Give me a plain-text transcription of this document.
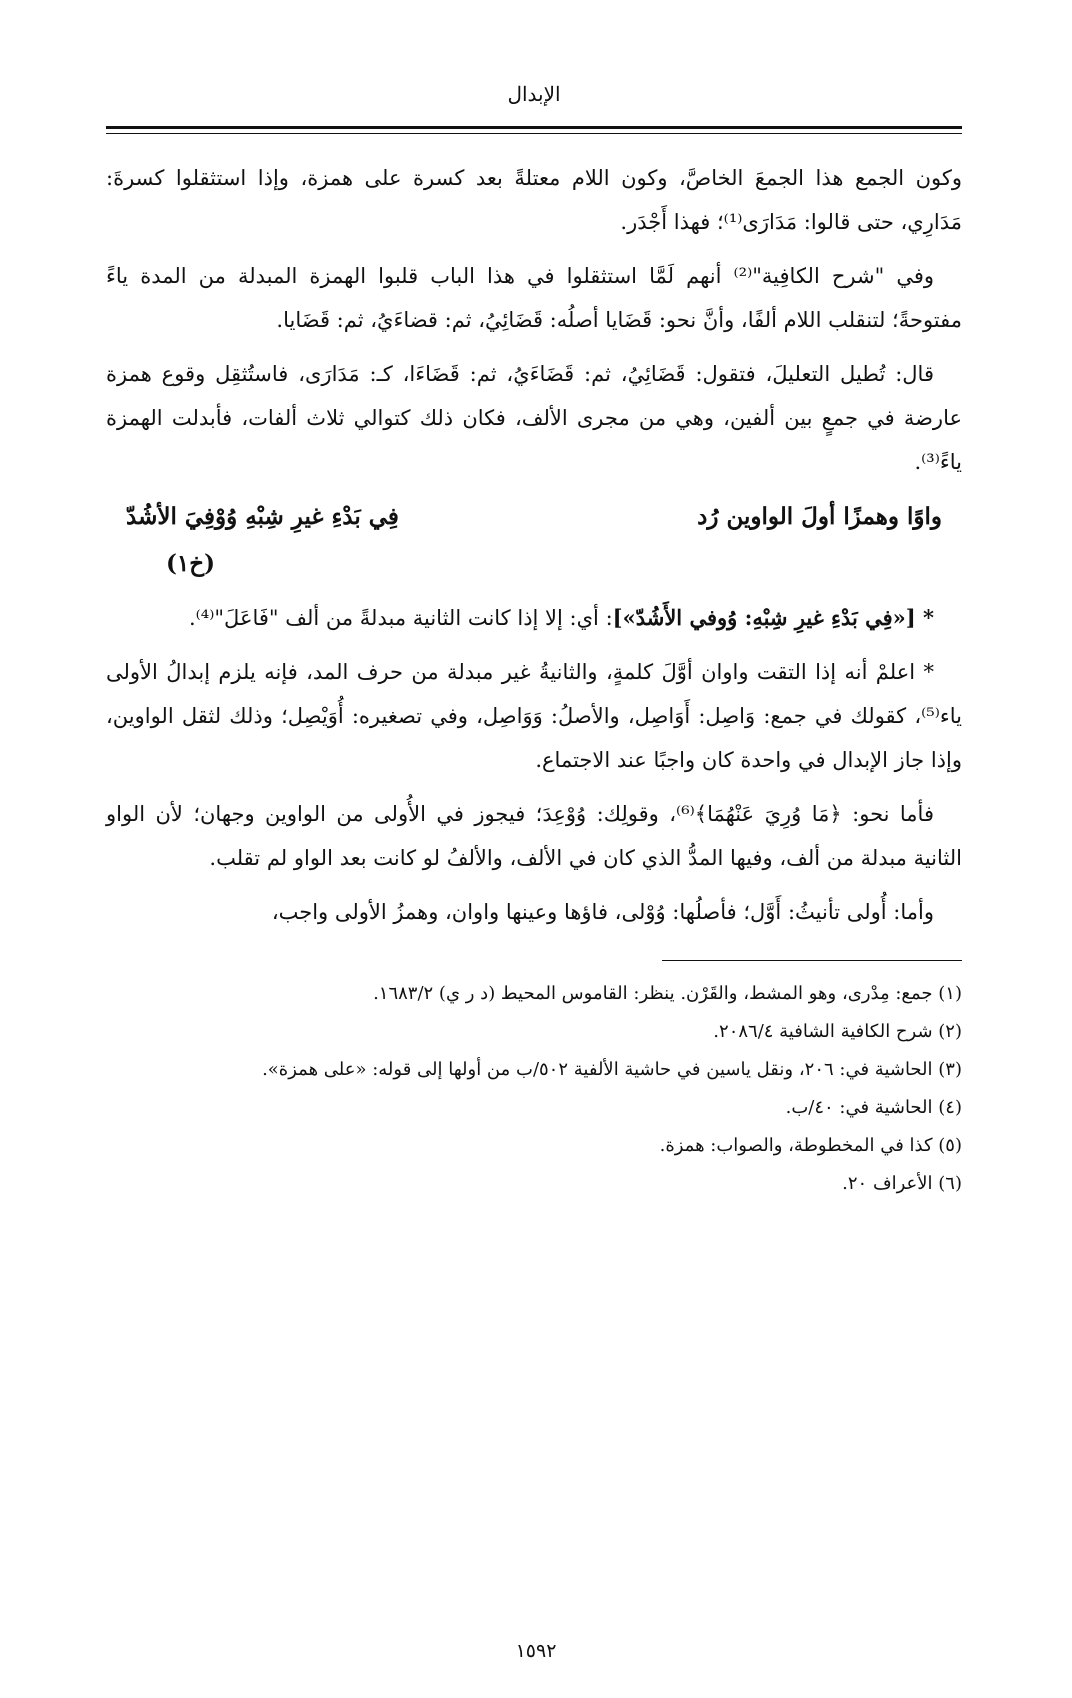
الإبدال

وكون الجمع هذا الجمعَ الخاصَّ، وكون اللام معتلةً بعد كسرة على همزة، وإذا استثقلوا كسرةَ: مَدَارِي، حتى قالوا: مَدَارَى⁽¹⁾؛ فهذا أَجْدَر.

وفي "شرح الكافِية"⁽²⁾ أنهم لَمَّا استثقلوا في هذا الباب قلبوا الهمزة المبدلة من المدة ياءً مفتوحةً؛ لتنقلب اللام ألفًا، وأنَّ نحو: قَضَايا أصلُه: قَضَائِيُ، ثم: قضاءَيُ، ثم: قَضَايا.

قال: تُطيل التعليلَ، فتقول: قَضَائِيُ، ثم: قَضَاءَيُ، ثم: قَضَاءَا، كـ: مَدَارَى، فاستُثقِل وقوع همزة عارضة في جمعٍ بين ألفين، وهي من مجرى الألف، فكان ذلك كتوالي ثلاث ألفات، فأبدلت الهمزة ياءً⁽³⁾.

واوًا وهمزًا أولَ الواوين رُد
فِي بَدْءِ غيرِ شِبْهِ وُوْفِيَ الأشُدّ
(خ١)

* [«فِي بَدْءِ غيرِ شِبْهِ: وُوفي الأَشُدّ»]: أي: إلا إذا كانت الثانية مبدلةً من ألف "فَاعَلَ"⁽⁴⁾.

* اعلمْ أنه إذا التقت واوان أوَّلَ كلمةٍ، والثانيةُ غير مبدلة من حرف المد، فإنه يلزم إبدالُ الأولى ياء⁽⁵⁾، كقولك في جمع: وَاصِل: أَوَاصِل، والأصلُ: وَوَاصِل، وفي تصغيره: أُوَيْصِل؛ وذلك لثقل الواوين، وإذا جاز الإبدال في واحدة كان واجبًا عند الاجتماع.

فأما نحو: ﴿مَا وُرِيَ عَنْهُمَا﴾⁽⁶⁾، وقولِك: وُوْعِدَ؛ فيجوز في الأُولى من الواوين وجهان؛ لأن الواو الثانية مبدلة من ألف، وفيها المدُّ الذي كان في الألف، والألفُ لو كانت بعد الواو لم تقلب.

وأما: أُولى تأنيثُ: أَوَّل؛ فأصلُها: وُوْلى، فاؤها وعينها واوان، وهمزُ الأولى واجب،

(١) جمع: مِدْرى، وهو المشط، والقَرْن. ينظر: القاموس المحيط (د ر ي) ١٦٨٣/٢.
(٢) شرح الكافية الشافية ٢٠٨٦/٤.
(٣) الحاشية في: ٢٠٦، ونقل ياسين في حاشية الألفية ٥٠٢/ب من أولها إلى قوله: «على همزة».
(٤) الحاشية في: ٤٠/ب.
(٥) كذا في المخطوطة، والصواب: همزة.
(٦) الأعراف ٢٠.
١٥٩٢
